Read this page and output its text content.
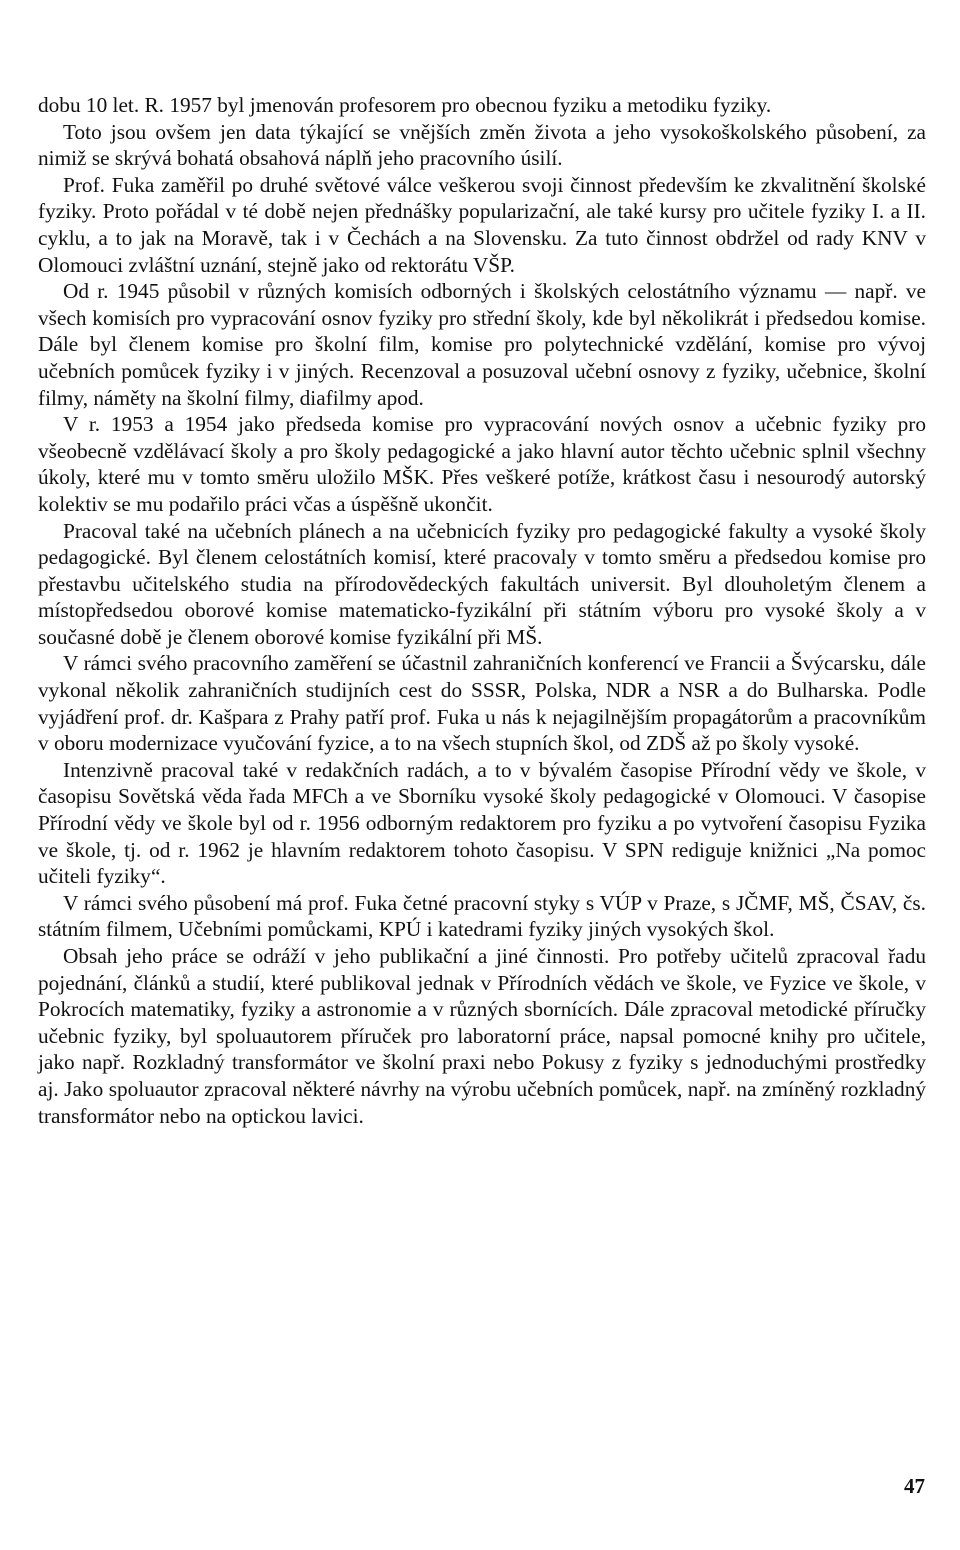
dobu 10 let. R. 1957 byl jmenován profesorem pro obecnou fyziku a metodiku fyziky.

Toto jsou ovšem jen data týkající se vnějších změn života a jeho vysokoškolského působení, za nimiž se skrývá bohatá obsahová náplň jeho pracovního úsilí.

Prof. Fuka zaměřil po druhé světové válce veškerou svoji činnost především ke zkvalitnění školské fyziky. Proto pořádal v té době nejen přednášky popularizační, ale také kursy pro učitele fyziky I. a II. cyklu, a to jak na Moravě, tak i v Čechách a na Slovensku. Za tuto činnost obdržel od rady KNV v Olomouci zvláštní uznání, stejně jako od rektorátu VŠP.

Od r. 1945 působil v různých komisích odborných i školských celostátního významu — např. ve všech komisích pro vypracování osnov fyziky pro střední školy, kde byl několikrát i předsedou komise. Dále byl členem komise pro školní film, komise pro polytechnické vzdělání, komise pro vývoj učebních pomůcek fyziky i v jiných. Recenzoval a posuzoval učební osnovy z fyziky, učebnice, školní filmy, náměty na školní filmy, diafilmy apod.

V r. 1953 a 1954 jako předseda komise pro vypracování nových osnov a učebnic fyziky pro všeobecně vzdělávací školy a pro školy pedagogické a jako hlavní autor těchto učebnic splnil všechny úkoly, které mu v tomto směru uložilo MŠK. Přes veškeré potíže, krátkost času i nesourodý autorský kolektiv se mu podařilo práci včas a úspěšně ukončit.

Pracoval také na učebních plánech a na učebnicích fyziky pro pedagogické fakulty a vysoké školy pedagogické. Byl členem celostátních komisí, které pracovaly v tomto směru a předsedou komise pro přestavbu učitelského studia na přírodovědeckých fakultách universit. Byl dlouholetým členem a místopředsedou oborové komise matematicko-fyzikální při státním výboru pro vysoké školy a v současné době je členem oborové komise fyzikální při MŠ.

V rámci svého pracovního zaměření se účastnil zahraničních konferencí ve Francii a Švýcarsku, dále vykonal několik zahraničních studijních cest do SSSR, Polska, NDR a NSR a do Bulharska. Podle vyjádření prof. dr. Kašpara z Prahy patří prof. Fuka u nás k nejagilnějším propagátorům a pracovníkům v oboru modernizace vyučování fyzice, a to na všech stupních škol, od ZDŠ až po školy vysoké.

Intenzivně pracoval také v redakčních radách, a to v bývalém časopise Přírodní vědy ve škole, v časopisu Sovětská věda řada MFCh a ve Sborníku vysoké školy pedagogické v Olomouci. V časopise Přírodní vědy ve škole byl od r. 1956 odborným redaktorem pro fyziku a po vytvoření časopisu Fyzika ve škole, tj. od r. 1962 je hlavním redaktorem tohoto časopisu. V SPN rediguje knižnici „Na pomoc učiteli fyziky“.

V rámci svého působení má prof. Fuka četné pracovní styky s VÚP v Praze, s JČMF, MŠ, ČSAV, čs. státním filmem, Učebními pomůckami, KPÚ i katedrami fyziky jiných vysokých škol.

Obsah jeho práce se odráží v jeho publikační a jiné činnosti. Pro potřeby učitelů zpracoval řadu pojednání, článků a studií, které publikoval jednak v Přírodních vědách ve škole, ve Fyzice ve škole, v Pokrocích matematiky, fyziky a astronomie a v různých sbornících. Dále zpracoval metodické příručky učebnic fyziky, byl spoluautorem příruček pro laboratorní práce, napsal pomocné knihy pro učitele, jako např. Rozkladný transformátor ve školní praxi nebo Pokusy z fyziky s jednoduchými prostředky aj. Jako spoluautor zpracoval některé návrhy na výrobu učebních pomůcek, např. na zmíněný rozkladný transformátor nebo na optickou lavici.

47
